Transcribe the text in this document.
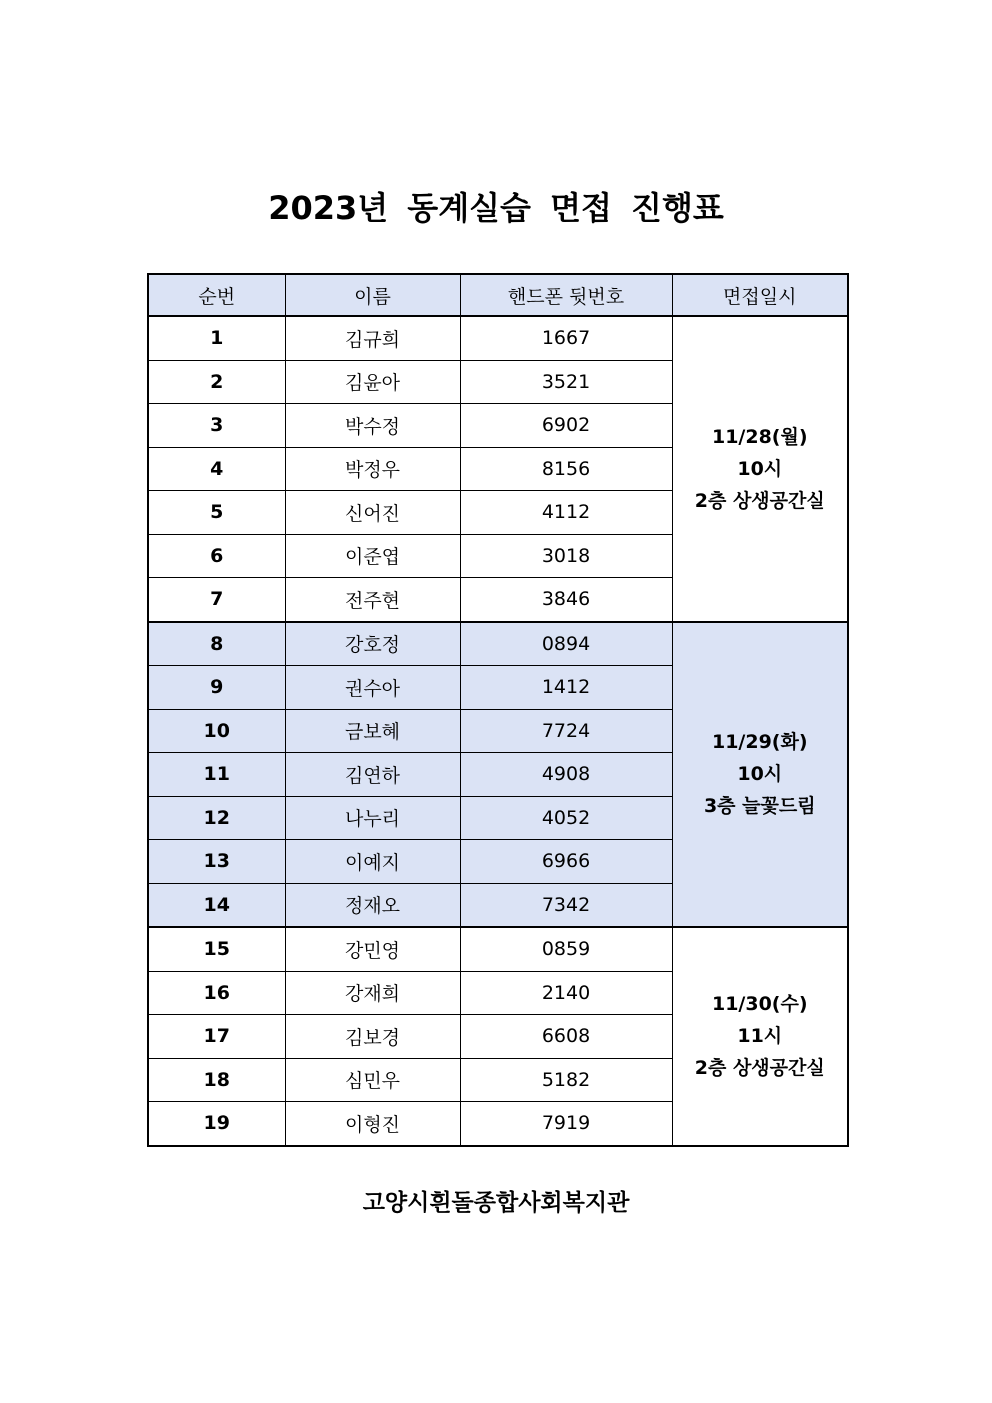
2023년 동계실습 면접 진행표
순번	이름	핸드폰 뒷번호	면접일시
1	김규희	1667	11/28(월)
10시
2층 상생공간실

2	김윤아	3521	
3	박수정	6902	
4	박정우	8156	
5	신어진	4112	
6	이준엽	3018	
7	전주현	3846	
8	강호정	0894	11/29(화)
10시
3층 늘꽃드림

9	권수아	1412	
10	금보혜	7724	
11	김연하	4908	
12	나누리	4052	
13	이예지	6966	
14	정재오	7342	
15	강민영	0859	11/30(수)
11시
2층 상생공간실

16	강재희	2140	
17	김보경	6608	
18	심민우	5182	
19	이형진	7919	

고양시흰돌종합사회복지관
